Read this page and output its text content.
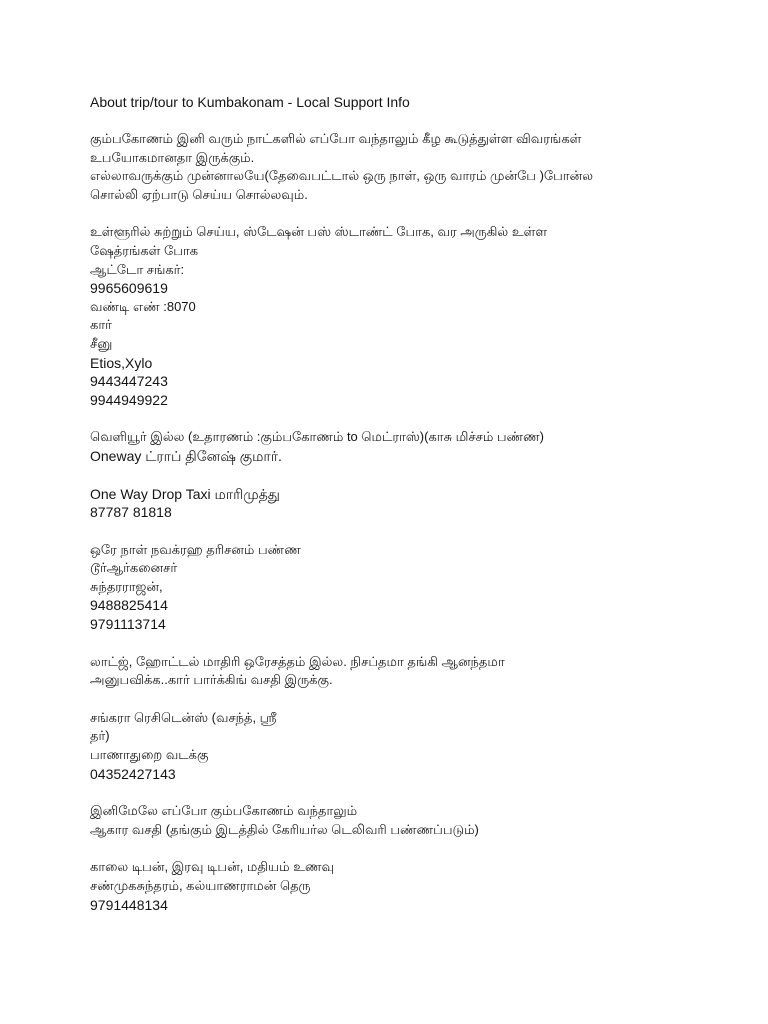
About trip/tour to Kumbakonam - Local Support Info
கும்பகோணம் இனி வரும் நாட்களில் எப்போ வந்தாலும் கீழ கூடுத்துள்ள விவரங்கள்
உபயோகமானதா இருக்கும்.
எல்லாவருக்கும் முன்னாலயே(தேவைபட்டால் ஒரு நாள், ஒரு வாரம் முன்பே )போன்ல
சொல்லி ஏற்பாடு செய்ய சொல்லவும்.
உள்ளூரில் சுற்றும் செய்ய, ஸ்டேஷன் பஸ் ஸ்டாண்ட் போக, வர அருகில் உள்ள
ஷேத்ரங்கள் போக
ஆட்டோ சங்கர்:
9965609619
வண்டி எண் :8070
கார்
சீனு
Etios,Xylo
9443447243
9944949922
வெளியூர் இல்ல (உதாரணம் :கும்பகோணம் to மெட்ராஸ்)(காசு மிச்சம் பண்ண)
Oneway ட்ராப் தினேஷ் குமார்.
One Way Drop Taxi மாரிமுத்து
87787 81818
ஒரே நாள் நவக்ரஹ தரிசனம் பண்ண
டூர்ஆர்கனைசர்
சுந்தரராஜன்,
9488825414
9791113714
லாட்ஜ், ஹோட்டல் மாதிரி ஒரேசத்தம் இல்ல. நிசப்தமா தங்கி ஆனந்தமா
அனுபவிக்க..கார் பார்க்கிங் வசதி இருக்கு.
சங்கரா ரெசிடென்ஸ் (வசந்த், ஸ்ரீ
தர்)
பாணாதுறை வடக்கு
04352427143
இனிமேலே எப்போ கும்பகோணம் வந்தாலும்
ஆகார வசதி (தங்கும் இடத்தில் கேரியர்ல டெலிவரி பண்ணப்படும்)
காலை டிபன், இரவு டிபன், மதியம் உணவு
சண்முகசுந்தரம், கல்யாணராமன் தெரு
9791448134
